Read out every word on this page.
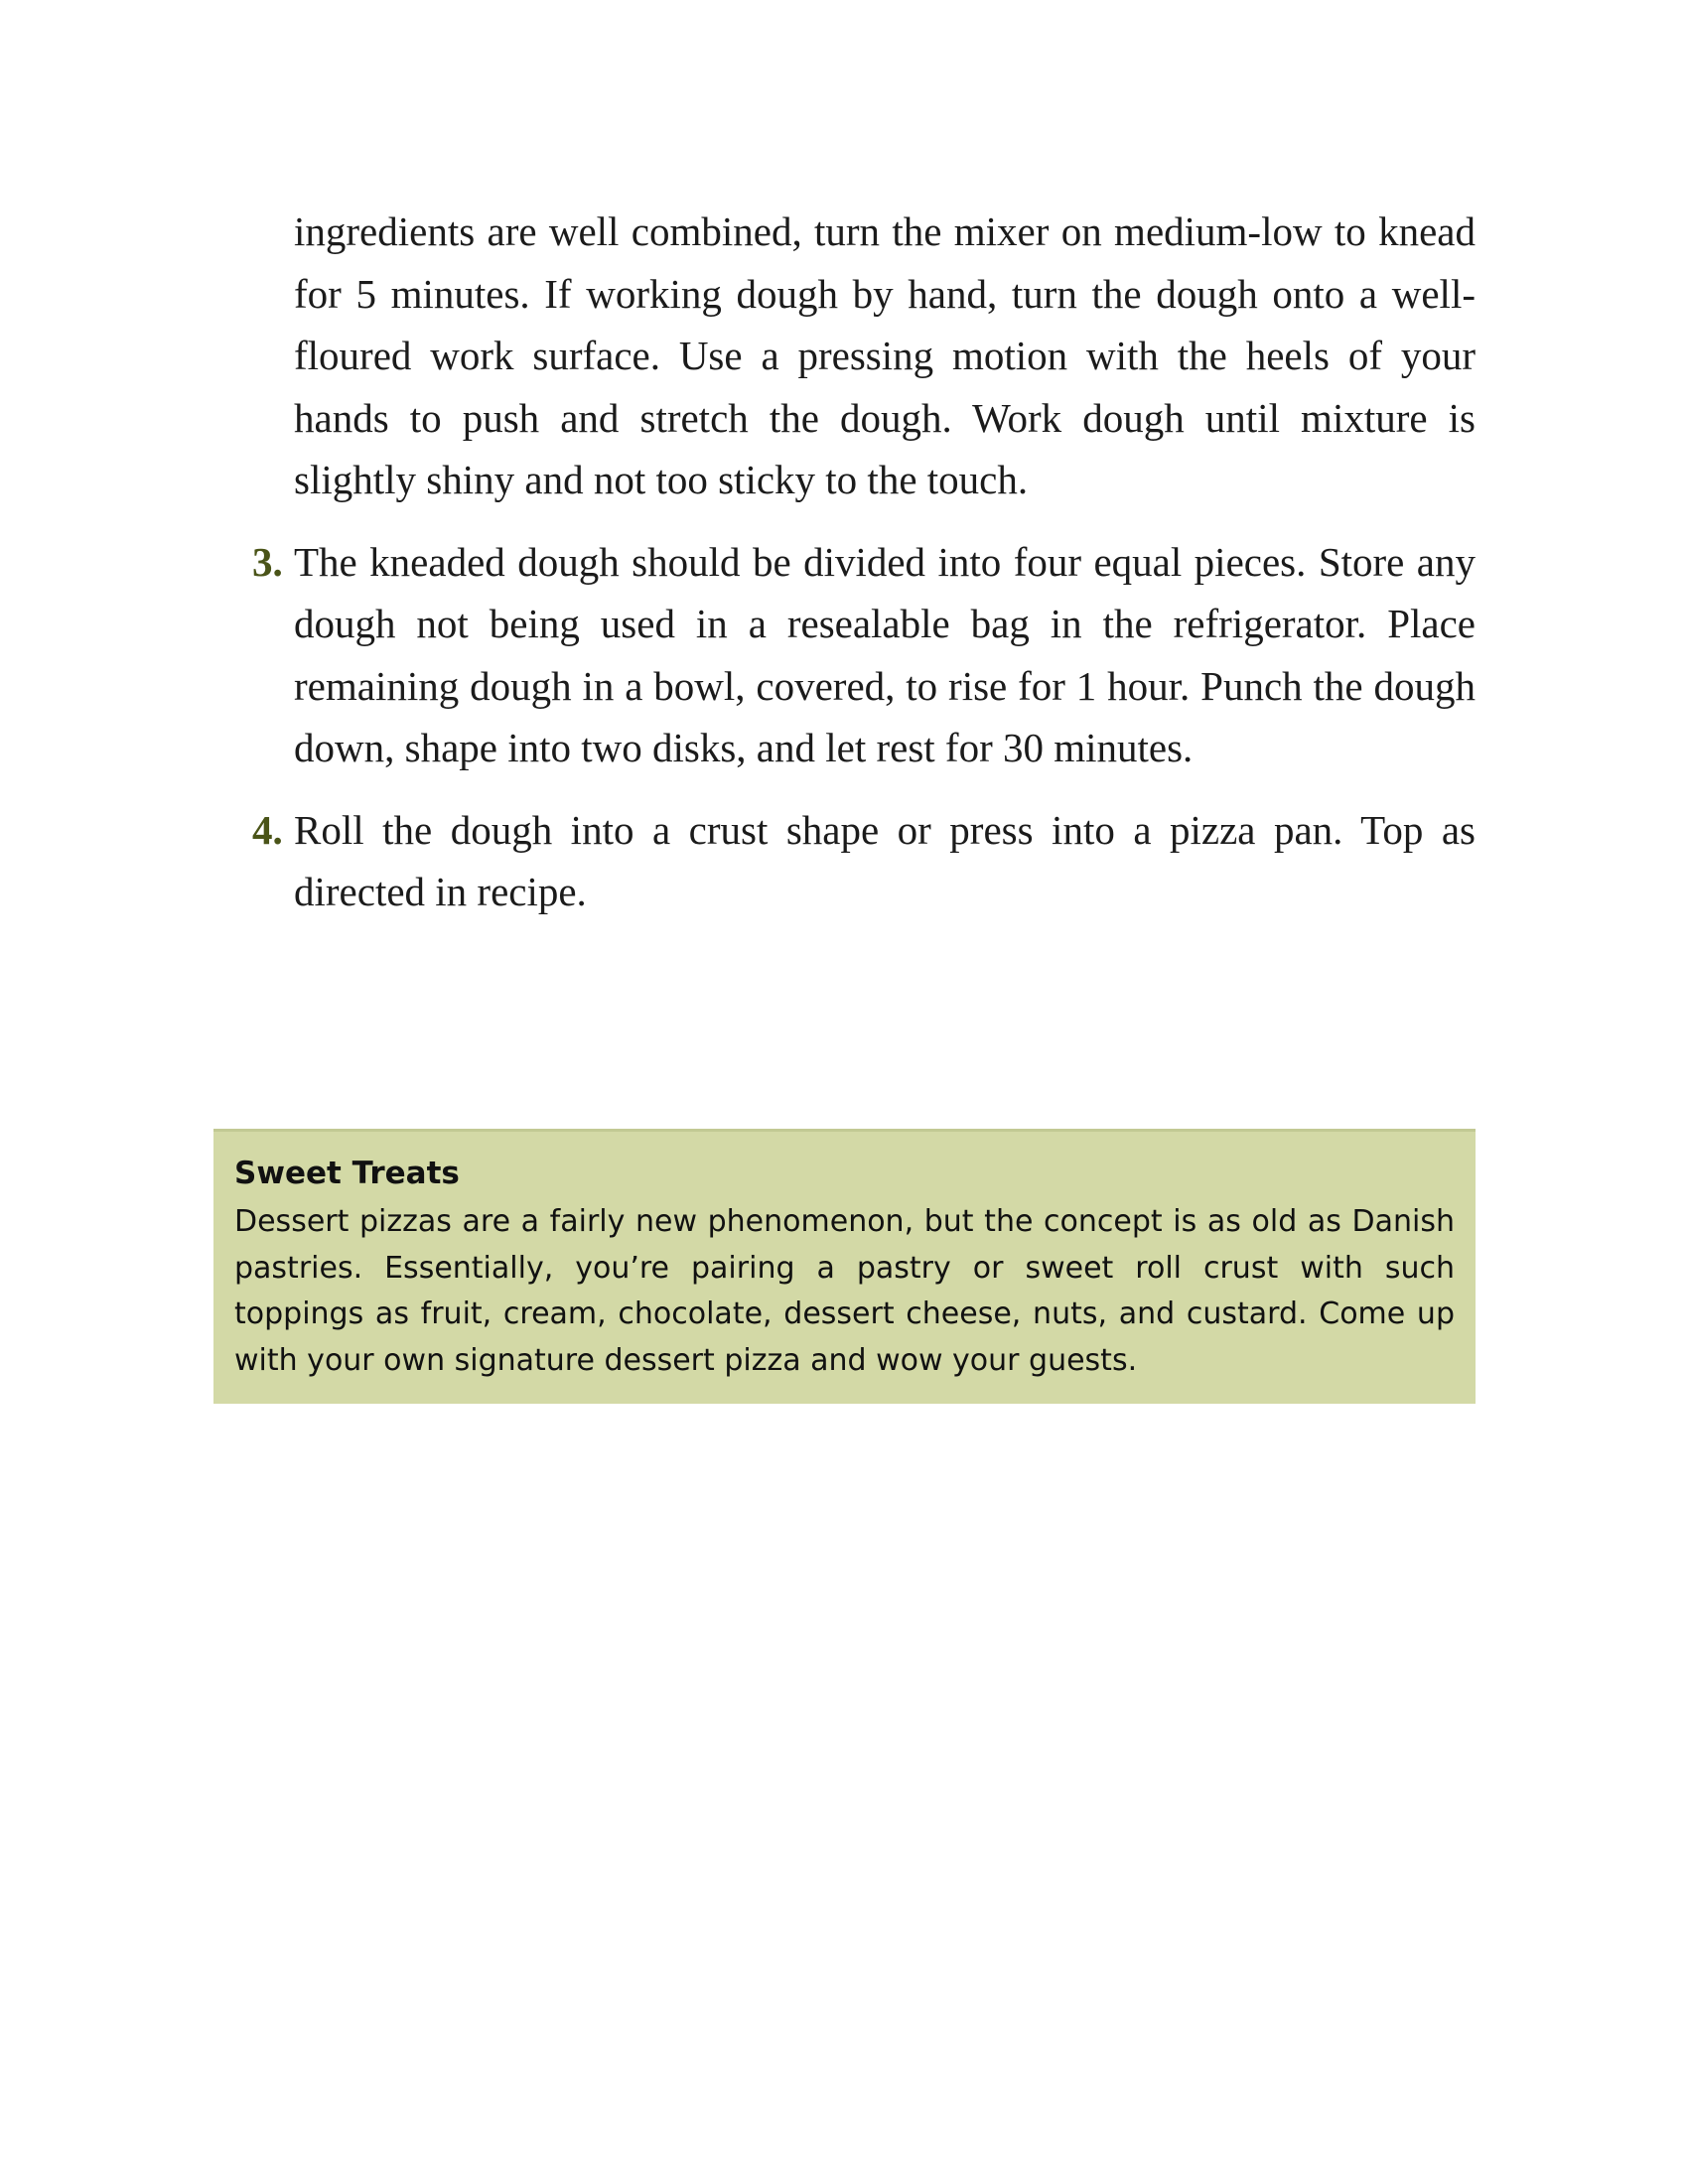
ingredients are well combined, turn the mixer on medium-low to knead for 5 minutes. If working dough by hand, turn the dough onto a well-floured work surface. Use a pressing motion with the heels of your hands to push and stretch the dough. Work dough until mixture is slightly shiny and not too sticky to the touch.
3. The kneaded dough should be divided into four equal pieces. Store any dough not being used in a resealable bag in the refrigerator. Place remaining dough in a bowl, covered, to rise for 1 hour. Punch the dough down, shape into two disks, and let rest for 30 minutes.
4. Roll the dough into a crust shape or press into a pizza pan. Top as directed in recipe.
Sweet Treats

Dessert pizzas are a fairly new phenomenon, but the concept is as old as Danish pastries. Essentially, you’re pairing a pastry or sweet roll crust with such toppings as fruit, cream, chocolate, dessert cheese, nuts, and custard. Come up with your own signature dessert pizza and wow your guests.
